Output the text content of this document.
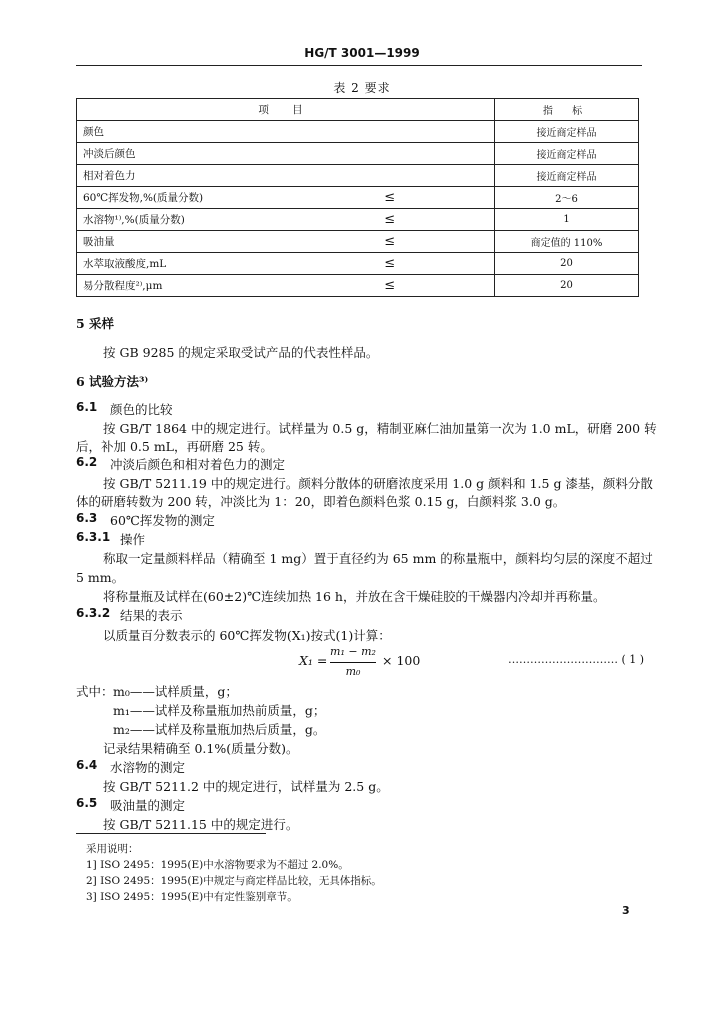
HG/T 3001—1999
表 2 要求
项 目		指 标
颜色		接近商定样品
冲淡后颜色		接近商定样品
相对着色力		接近商定样品
60℃挥发物,%(质量分数)	≤	2～6
水溶物¹⁾,%(质量分数)	≤	1
吸油量	≤	商定值的 110%
水萃取液酸度,mL	≤	20
易分散程度²⁾,μm	≤	20
5 采样
按 GB 9285 的规定采取受试产品的代表性样品。
6 试验方法³⁾
6.1 颜色的比较
按 GB/T 1864 中的规定进行。试样量为 0.5 g，精制亚麻仁油加量第一次为 1.0 mL，研磨 200 转
后，补加 0.5 mL，再研磨 25 转。
6.2 冲淡后颜色和相对着色力的测定
按 GB/T 5211.19 中的规定进行。颜料分散体的研磨浓度采用 1.0 g 颜料和 1.5 g 漆基，颜料分散
体的研磨转数为 200 转，冲淡比为 1：20，即着色颜料色浆 0.15 g，白颜料浆 3.0 g。
6.3 60℃挥发物的测定
6.3.1 操作
称取一定量颜料样品（精确至 1 mg）置于直径约为 65 mm 的称量瓶中，颜料均匀层的深度不超过
5 mm。
将称量瓶及试样在(60±2)℃连续加热 16 h，并放在含干燥硅胶的干燥器内冷却并再称量。
6.3.2 结果的表示
以质量百分数表示的 60℃挥发物(X₁)按式(1)计算：
X₁ =
m₁ − m₂
m₀
× 100	………………………… ( 1 )
式中： m₀——试样质量，g；
m₁——试样及称量瓶加热前质量，g；
m₂——试样及称量瓶加热后质量，g。
记录结果精确至 0.1%(质量分数)。
6.4 水溶物的测定
按 GB/T 5211.2 中的规定进行，试样量为 2.5 g。
6.5 吸油量的测定
按 GB/T 5211.15 中的规定进行。
采用说明：
1] ISO 2495：1995(E)中水溶物要求为不超过 2.0%。
2] ISO 2495：1995(E)中规定与商定样品比较，无具体指标。
3] ISO 2495：1995(E)中有定性鉴别章节。
3
